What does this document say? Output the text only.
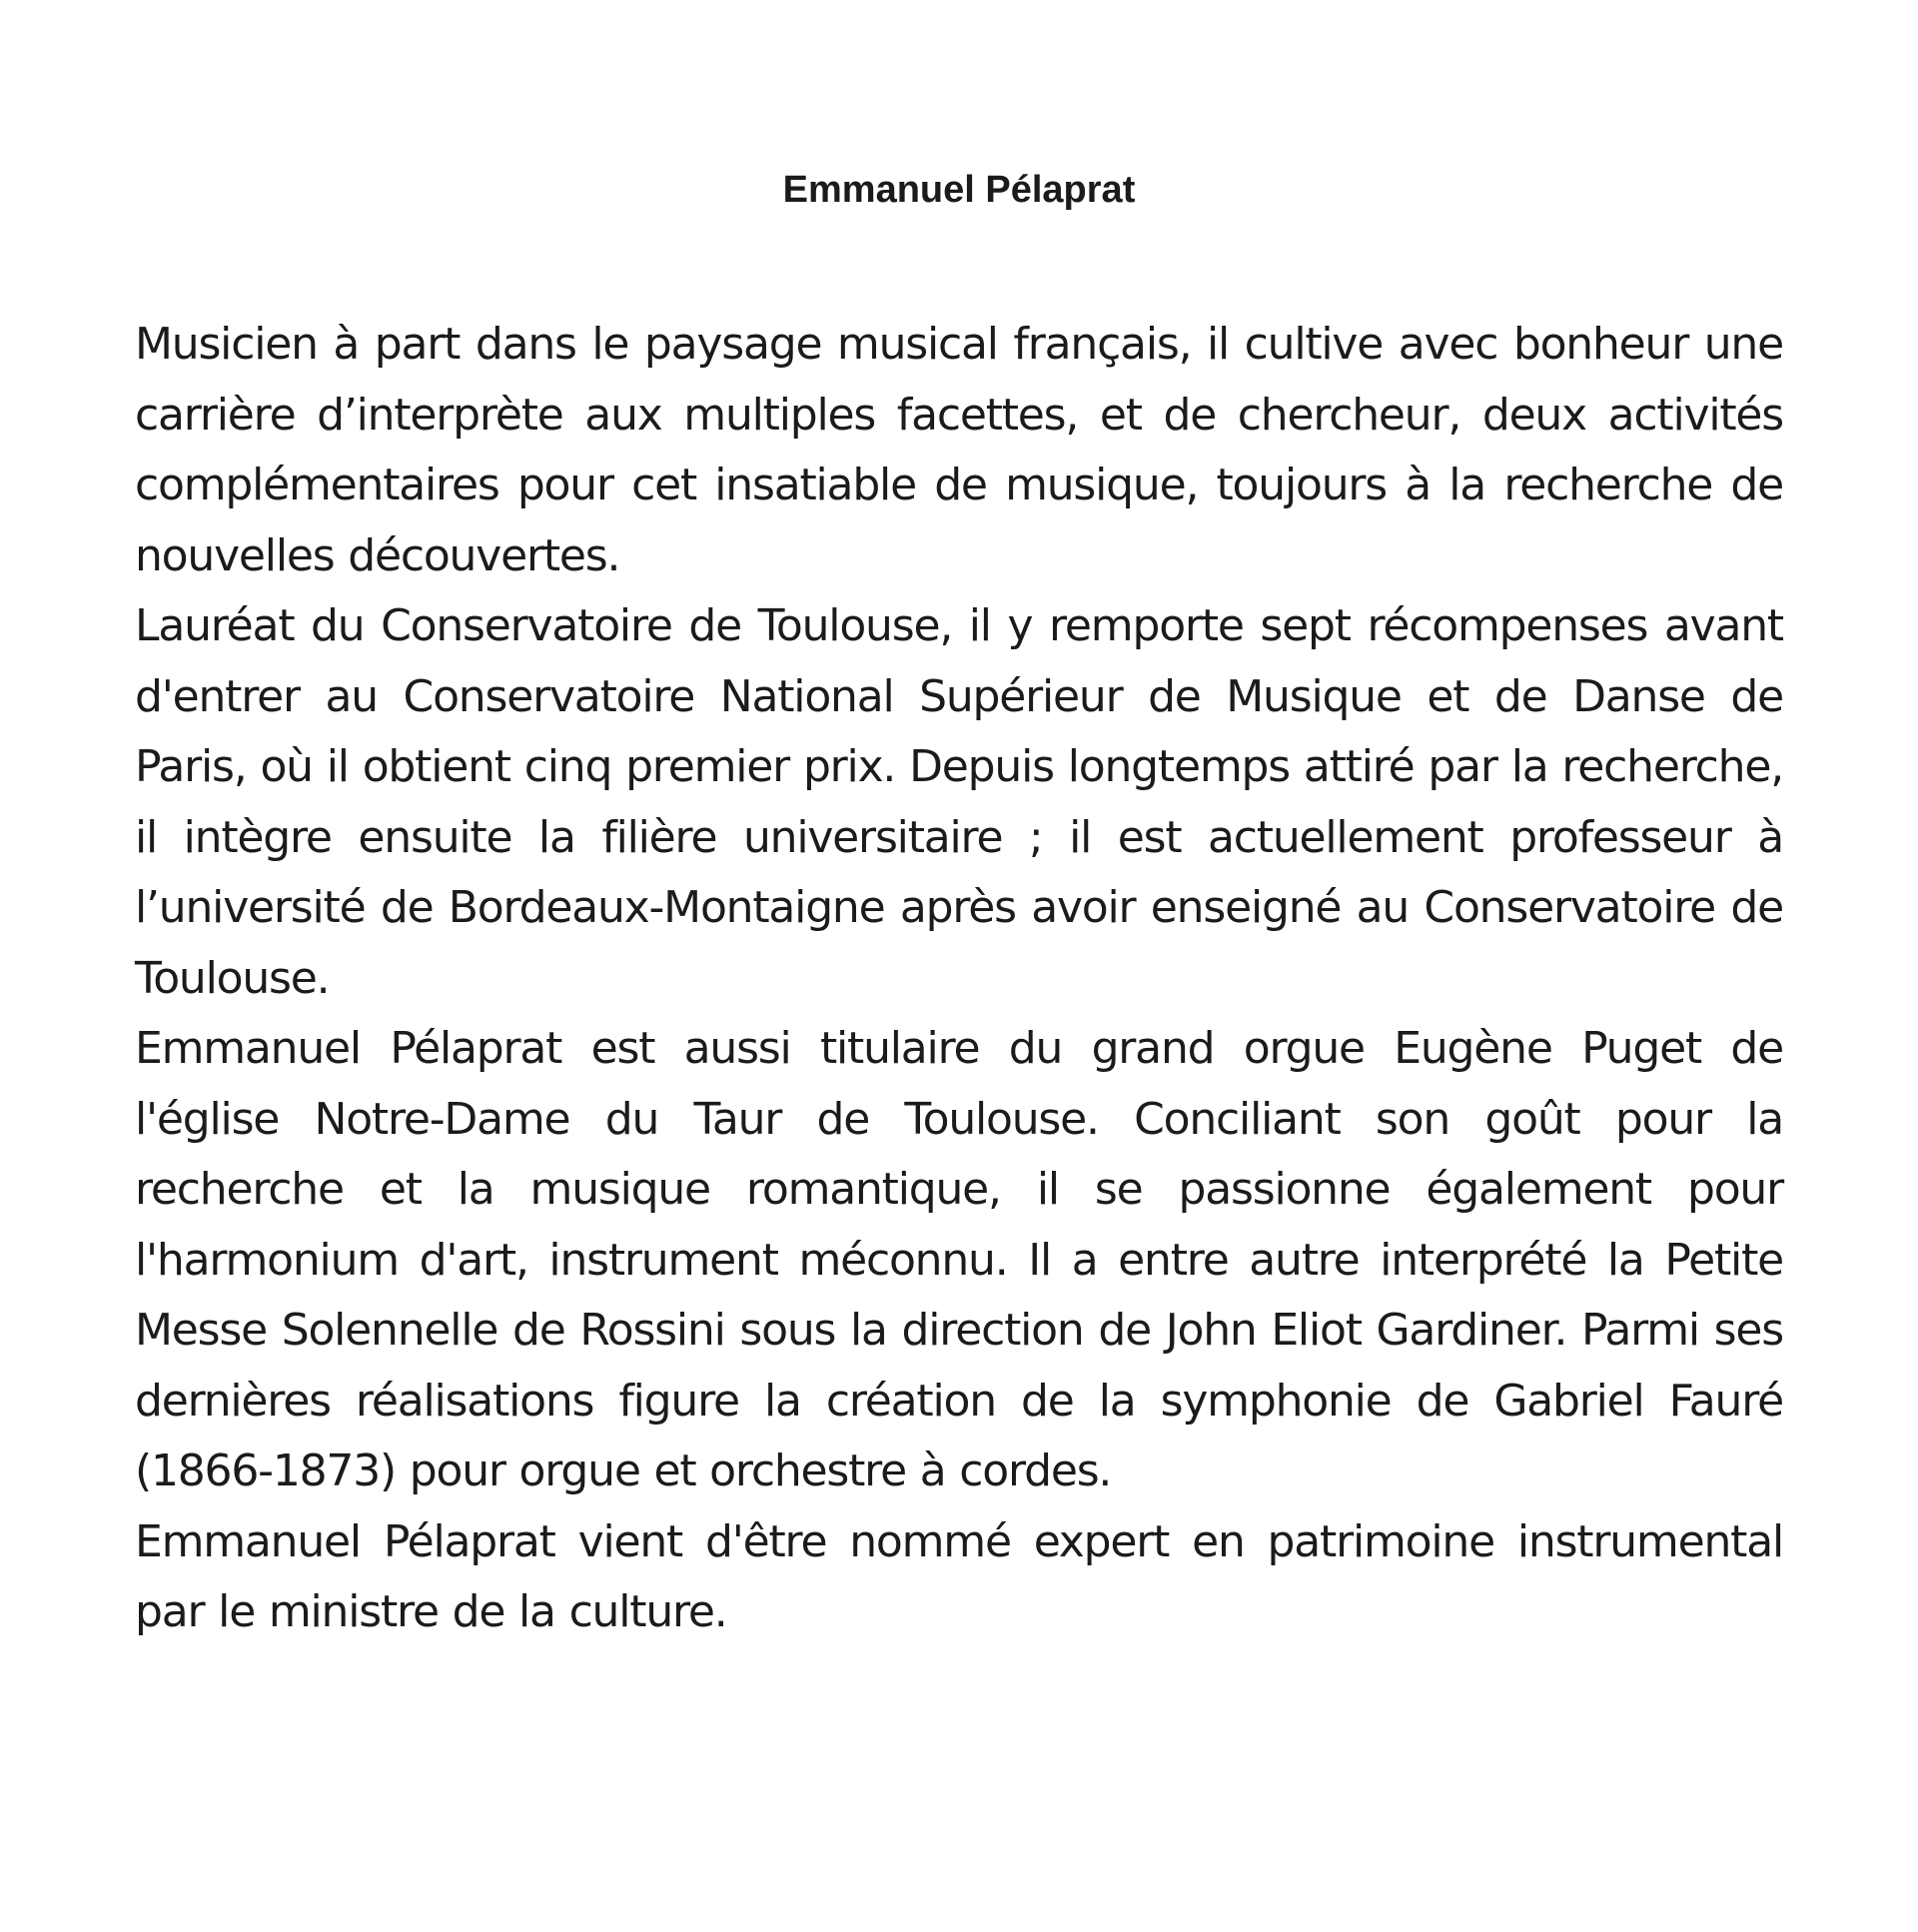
Emmanuel Pélaprat

Musicien à part dans le paysage musical français, il cultive avec bonheur une carrière d’interprète aux multiples facettes, et de chercheur, deux activités complémentaires pour cet insatiable de musique, toujours à la recherche de nouvelles découvertes.

Lauréat du Conservatoire de Toulouse, il y remporte sept récompenses avant d'entrer au Conservatoire National Supérieur de Musique et de Danse de Paris, où il obtient cinq premier prix. Depuis longtemps attiré par la recherche, il intègre ensuite la filière universitaire ; il est actuellement professeur à l’université de Bordeaux-Montaigne après avoir enseigné au Conservatoire de Toulouse.

Emmanuel Pélaprat est aussi titulaire du grand orgue Eugène Puget de l'église Notre-Dame du Taur de Toulouse. Conciliant son goût pour la recherche et la musique romantique, il se passionne également pour l'harmonium d'art, instrument méconnu. Il a entre autre interprété la Petite Messe Solennelle de Rossini sous la direction de John Eliot Gardiner. Parmi ses dernières réalisations figure la création de la symphonie de Gabriel Fauré (1866-1873) pour orgue et orchestre à cordes.

Emmanuel Pélaprat vient d'être nommé expert en patrimoine instrumental par le ministre de la culture.
